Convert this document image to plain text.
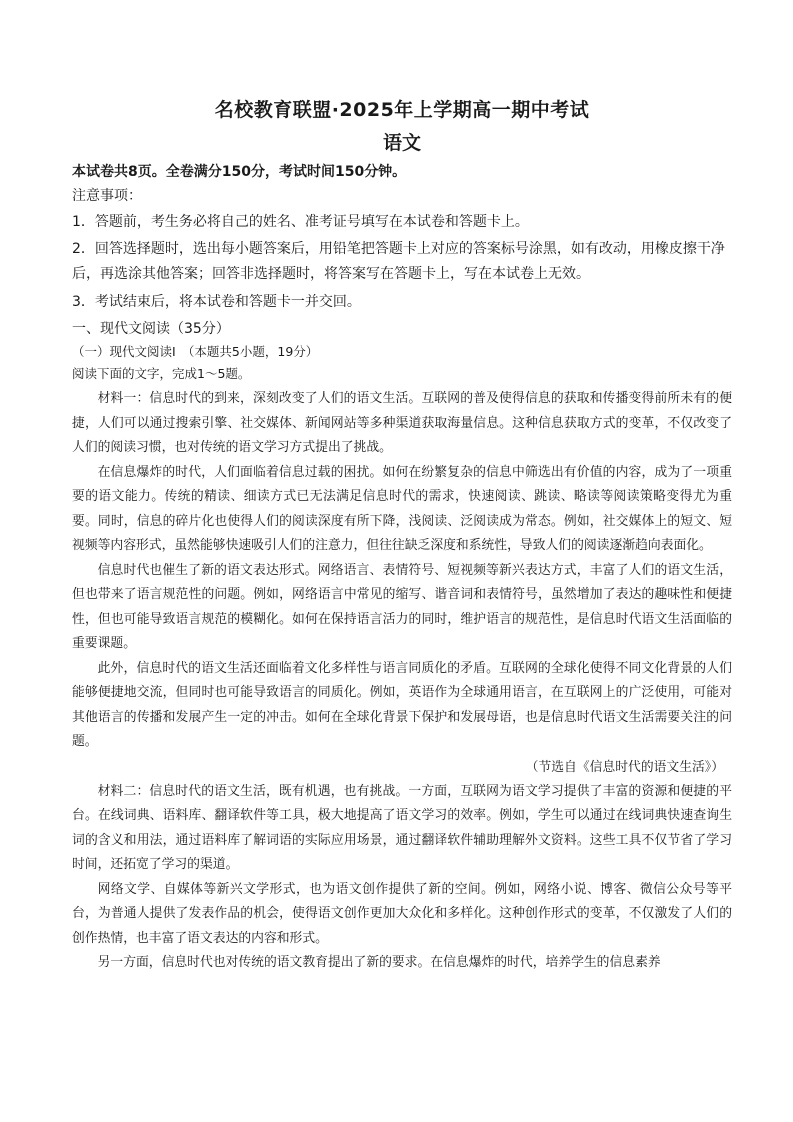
名校教育联盟·2025年上学期高一期中考试

语文

本试卷共8页。全卷满分150分，考试时间150分钟。

注意事项：

1．答题前，考生务必将自己的姓名、准考证号填写在本试卷和答题卡上。

2．回答选择题时，选出每小题答案后，用铅笔把答题卡上对应的答案标号涂黑，如有改动，用橡皮擦干净后，再选涂其他答案；回答非选择题时，将答案写在答题卡上，写在本试卷上无效。

3．考试结束后，将本试卷和答题卡一并交回。

一、现代文阅读（35分）

（一）现代文阅读Ⅰ　（本题共5小题，19分）

阅读下面的文字，完成1～5题。

材料一：信息时代的到来，深刻改变了人们的语文生活。互联网的普及使得信息的获取和传播变得前所未有的便捷，人们可以通过搜索引擎、社交媒体、新闻网站等多种渠道获取海量信息。这种信息获取方式的变革，不仅改变了人们的阅读习惯，也对传统的语文学习方式提出了挑战。

在信息爆炸的时代，人们面临着信息过载的困扰。如何在纷繁复杂的信息中筛选出有价值的内容，成为了一项重要的语文能力。传统的精读、细读方式已无法满足信息时代的需求，快速阅读、跳读、略读等阅读策略变得尤为重要。同时，信息的碎片化也使得人们的阅读深度有所下降，浅阅读、泛阅读成为常态。例如，社交媒体上的短文、短视频等内容形式，虽然能够快速吸引人们的注意力，但往往缺乏深度和系统性，导致人们的阅读逐渐趋向表面化。

信息时代也催生了新的语文表达形式。网络语言、表情符号、短视频等新兴表达方式，丰富了人们的语文生活，但也带来了语言规范性的问题。例如，网络语言中常见的缩写、谐音词和表情符号，虽然增加了表达的趣味性和便捷性，但也可能导致语言规范的模糊化。如何在保持语言活力的同时，维护语言的规范性，是信息时代语文生活面临的重要课题。

此外，信息时代的语文生活还面临着文化多样性与语言同质化的矛盾。互联网的全球化使得不同文化背景的人们能够便捷地交流，但同时也可能导致语言的同质化。例如，英语作为全球通用语言，在互联网上的广泛使用，可能对其他语言的传播和发展产生一定的冲击。如何在全球化背景下保护和发展母语，也是信息时代语文生活需要关注的问题。

（节选自《信息时代的语文生活》）

材料二：信息时代的语文生活，既有机遇，也有挑战。一方面，互联网为语文学习提供了丰富的资源和便捷的平台。在线词典、语料库、翻译软件等工具，极大地提高了语文学习的效率。例如，学生可以通过在线词典快速查询生词的含义和用法，通过语料库了解词语的实际应用场景，通过翻译软件辅助理解外文资料。这些工具不仅节省了学习时间，还拓宽了学习的渠道。

网络文学、自媒体等新兴文学形式，也为语文创作提供了新的空间。例如，网络小说、博客、微信公众号等平台，为普通人提供了发表作品的机会，使得语文创作更加大众化和多样化。这种创作形式的变革，不仅激发了人们的创作热情，也丰富了语文表达的内容和形式。

另一方面，信息时代也对传统的语文教育提出了新的要求。在信息爆炸的时代，培养学生的信息素养
